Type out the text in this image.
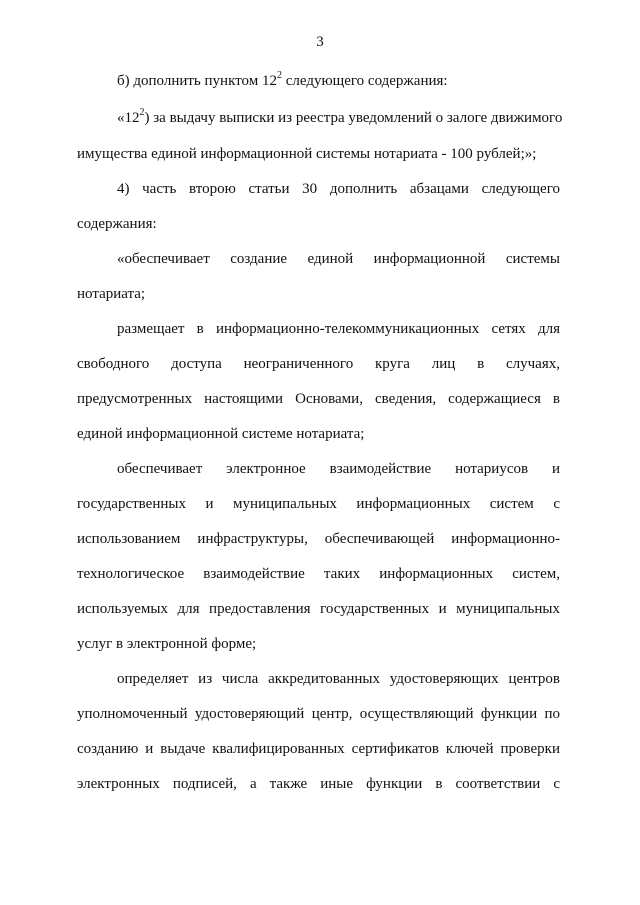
3
б) дополнить пунктом $12^2$ следующего содержания:
«$12^2$) за выдачу выписки из реестра уведомлений о залоге движимого
имущества единой информационной системы нотариата - 100 рублей;»;
4) часть второю статьи 30 дополнить абзацами следующего
содержания:
«обеспечивает создание единой информационной системы
нотариата;
размещает в информационно-телекоммуникационных сетях для
свободного доступа неограниченного круга лиц в случаях,
предусмотренных настоящими Основами, сведения, содержащиеся в
единой информационной системе нотариата;
обеспечивает электронное взаимодействие нотариусов и
государственных и муниципальных информационных систем с
использованием инфраструктуры, обеспечивающей информационно-
технологическое взаимодействие таких информационных систем,
используемых для предоставления государственных и муниципальных
услуг в электронной форме;
определяет из числа аккредитованных удостоверяющих центров
уполномоченный удостоверяющий центр, осуществляющий функции по
созданию и выдаче квалифицированных сертификатов ключей проверки
электронных подписей, а также иные функции в соответствии с
